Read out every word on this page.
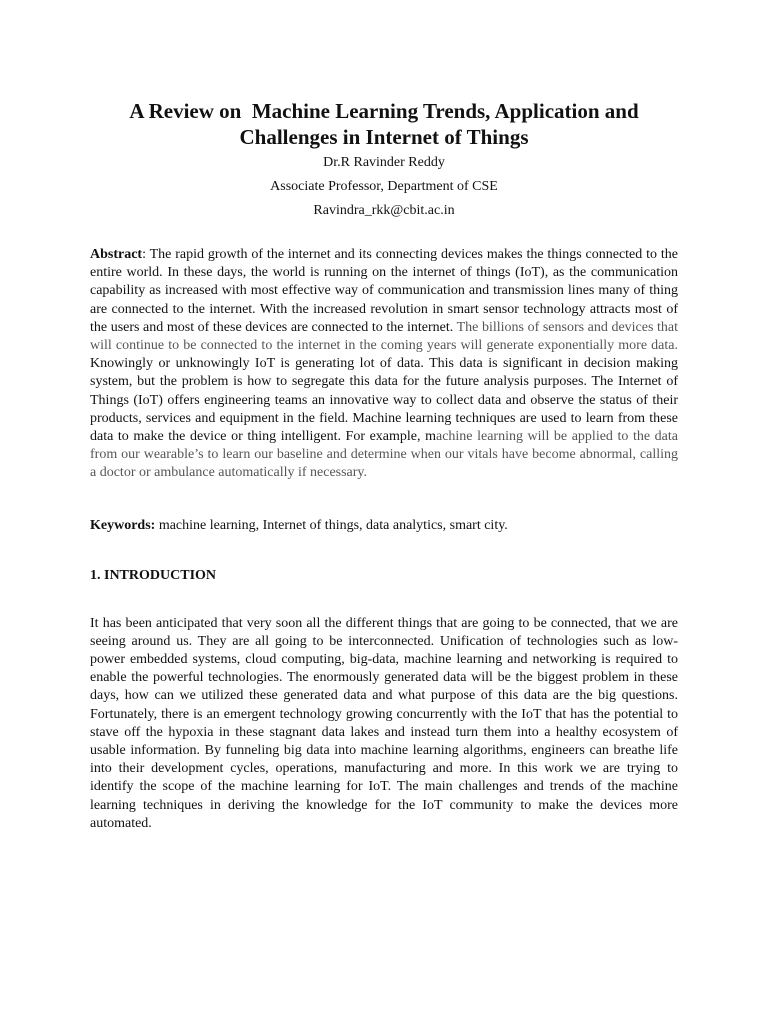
A Review on  Machine Learning Trends, Application and
Challenges in Internet of Things
Dr.R Ravinder Reddy
Associate Professor, Department of CSE
Ravindra_rkk@cbit.ac.in
Abstract: The rapid growth of the internet and its connecting devices makes the things connected to the entire world. In these days, the world is running on the internet of things (IoT), as the communication capability as increased with most effective way of communication and transmission lines many of thing are connected to the internet. With the increased revolution in smart sensor technology attracts most of the users and most of these devices are connected to the internet. The billions of sensors and devices that will continue to be connected to the internet in the coming years will generate exponentially more data. Knowingly or unknowingly IoT is generating lot of data. This data is significant in decision making system, but the problem is how to segregate this data for the future analysis purposes. The Internet of Things (IoT) offers engineering teams an innovative way to collect data and observe the status of their products, services and equipment in the field. Machine learning techniques are used to learn from these data to make the device or thing intelligent. For example, machine learning will be applied to the data from our wearable’s to learn our baseline and determine when our vitals have become abnormal, calling a doctor or ambulance automatically if necessary.
Keywords: machine learning, Internet of things, data analytics, smart city.
1. INTRODUCTION
It has been anticipated that very soon all the different things that are going to be connected, that we are seeing around us. They are all going to be interconnected. Unification of technologies such as low-power embedded systems, cloud computing, big-data, machine learning and networking is required to enable the powerful technologies. The enormously generated data will be the biggest problem in these days, how can we utilized these generated data and what purpose of this data are the big questions. Fortunately, there is an emergent technology growing concurrently with the IoT that has the potential to stave off the hypoxia in these stagnant data lakes and instead turn them into a healthy ecosystem of usable information. By funneling big data into machine learning algorithms, engineers can breathe life into their development cycles, operations, manufacturing and more. In this work we are trying to identify the scope of the machine learning for IoT. The main challenges and trends of the machine learning techniques in deriving the knowledge for the IoT community to make the devices more automated.
